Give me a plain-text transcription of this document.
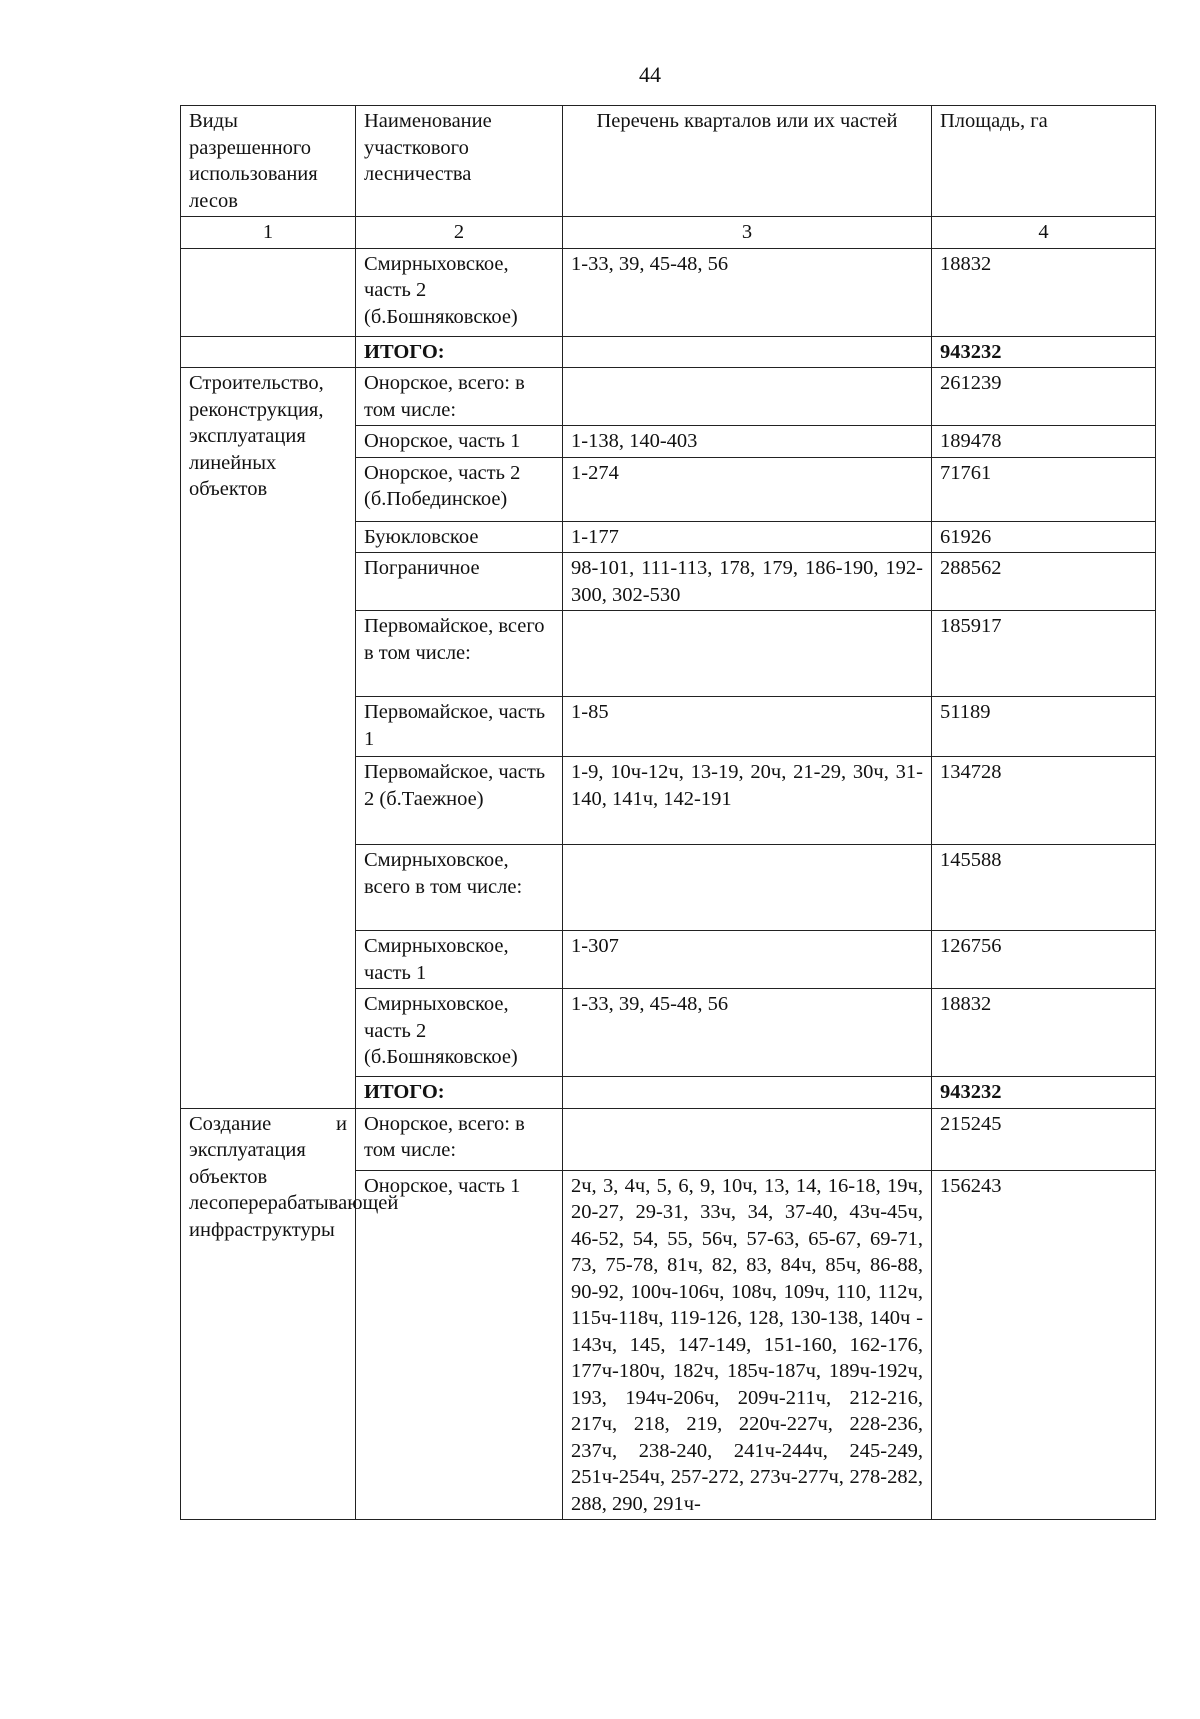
44
Виды разрешенного использования лесов	Наименование участкового лесничества	Перечень кварталов или их частей	Площадь, га
1	2	3	4
	Смирныховское, часть 2 (б.Бошняковское)	1-33, 39, 45-48, 56	18832
	ИТОГО:		943232
Строительство, реконструкция, эксплуатация линейных объектов	Онорское, всего: в том числе:		261239
	Онорское, часть 1	1-138, 140-403	189478
	Онорское, часть 2 (б.Побединское)	1-274	71761
	Буюкловское	1-177	61926
	Пограничное	98-101, 111-113, 178, 179, 186-190, 192-300, 302-530	288562
	Первомайское, всего в том числе:		185917
	Первомайское, часть 1	1-85	51189
	Первомайское, часть 2 (б.Таежное)	1-9, 10ч-12ч, 13-19, 20ч, 21-29, 30ч, 31-140, 141ч, 142-191	134728
	Смирныховское, всего в том числе:		145588
	Смирныховское, часть 1	1-307	126756
	Смирныховское, часть 2 (б.Бошняковское)	1-33, 39, 45-48, 56	18832
	ИТОГО:		943232
Создание и эксплуатация объектов лесоперерабатывающей инфраструктуры	Онорское, всего: в том числе:		215245
	Онорское, часть 1	2ч, 3, 4ч, 5, 6, 9, 10ч, 13, 14, 16-18, 19ч, 20-27, 29-31, 33ч, 34, 37-40, 43ч-45ч, 46-52, 54, 55, 56ч, 57-63, 65-67, 69-71, 73, 75-78, 81ч, 82, 83, 84ч, 85ч, 86-88, 90-92, 100ч-106ч, 108ч, 109ч, 110, 112ч, 115ч-118ч, 119-126, 128, 130-138, 140ч - 143ч, 145, 147-149, 151-160, 162-176, 177ч-180ч, 182ч, 185ч-187ч, 189ч-192ч, 193, 194ч-206ч, 209ч-211ч, 212-216, 217ч, 218, 219, 220ч-227ч, 228-236, 237ч, 238-240, 241ч-244ч, 245-249, 251ч-254ч, 257-272, 273ч-277ч, 278-282, 288, 290, 291ч-	156243
